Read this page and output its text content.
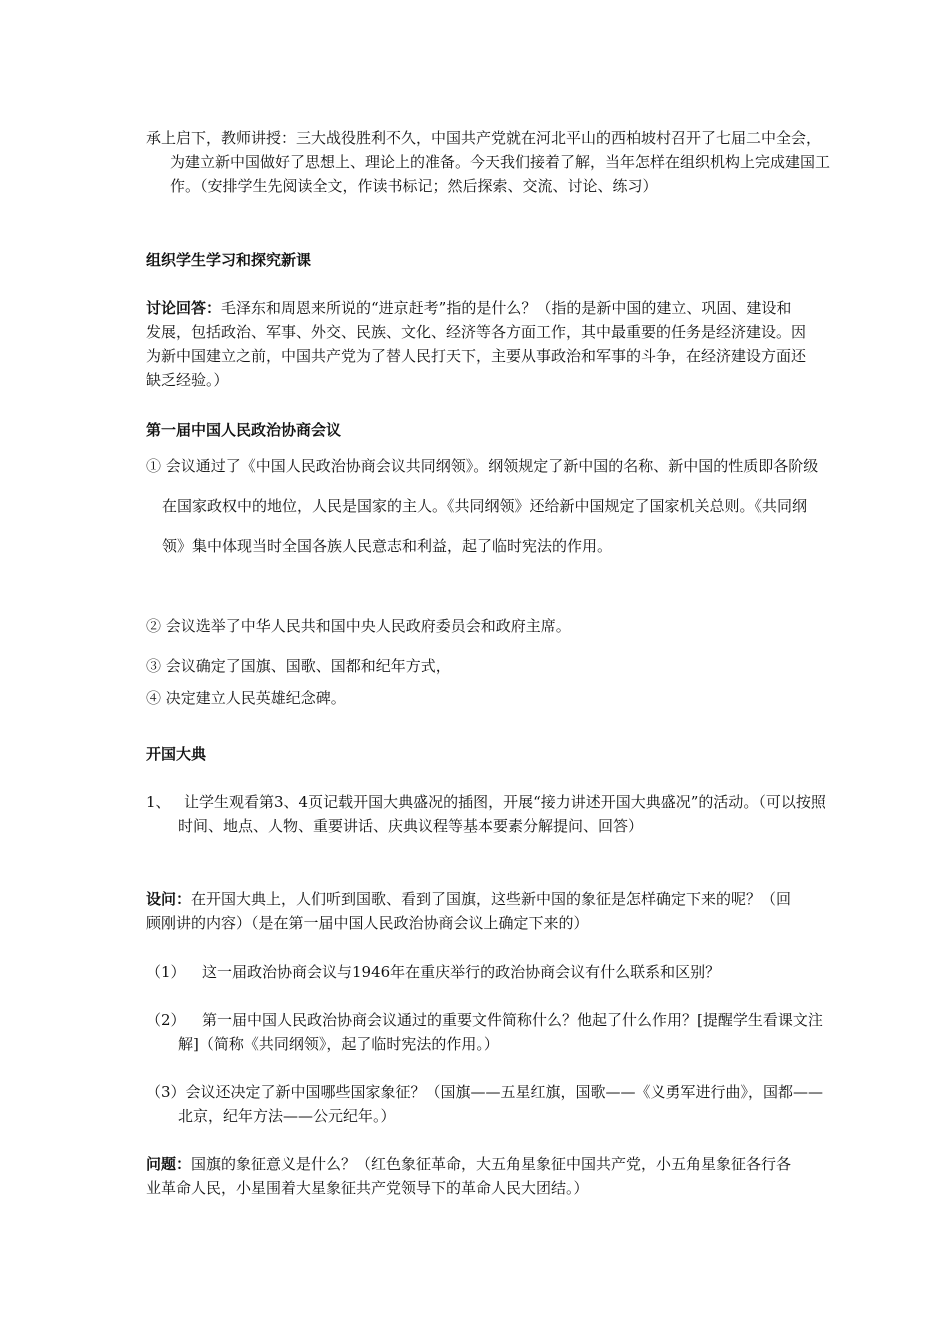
承上启下，教师讲授：三大战役胜利不久，中国共产党就在河北平山的西柏坡村召开了七届二中全会，为建立新中国做好了思想上、理论上的准备。今天我们接着了解，当年怎样在组织机构上完成建国工作。（安排学生先阅读全文，作读书标记；然后探索、交流、讨论、练习）
组织学生学习和探究新课
讨论回答：毛泽东和周恩来所说的“进京赶考”指的是什么？（指的是新中国的建立、巩固、建设和发展，包括政治、军事、外交、民族、文化、经济等各方面工作，其中最重要的任务是经济建设。因为新中国建立之前，中国共产党为了替人民打天下，主要从事政治和军事的斗争，在经济建设方面还缺乏经验。）
第一届中国人民政治协商会议
① 会议通过了《中国人民政治协商会议共同纲领》。纲领规定了新中国的名称、新中国的性质即各阶级在国家政权中的地位，人民是国家的主人。《共同纲领》还给新中国规定了国家机关总则。《共同纲领》集中体现当时全国各族人民意志和利益，起了临时宪法的作用。
② 会议选举了中华人民共和国中央人民政府委员会和政府主席。
③ 会议确定了国旗、国歌、国都和纪年方式，
④ 决定建立人民英雄纪念碑。
开国大典
1、 让学生观看第3、4页记载开国大典盛况的插图，开展“接力讲述开国大典盛况”的活动。（可以按照时间、地点、人物、重要讲话、庆典议程等基本要素分解提问、回答）
设问：在开国大典上，人们听到国歌、看到了国旗，这些新中国的象征是怎样确定下来的呢？（回顾刚讲的内容）（是在第一届中国人民政治协商会议上确定下来的）
（1） 这一届政治协商会议与1946年在重庆举行的政治协商会议有什么联系和区别？
（2） 第一届中国人民政治协商会议通过的重要文件简称什么？他起了什么作用？[提醒学生看课文注解]（简称《共同纲领》，起了临时宪法的作用。）
（3）会议还决定了新中国哪些国家象征？（国旗——五星红旗，国歌——《义勇军进行曲》，国都——北京，纪年方法——公元纪年。）
问题：国旗的象征意义是什么？（红色象征革命，大五角星象征中国共产党，小五角星象征各行各业革命人民，小星围着大星象征共产党领导下的革命人民大团结。）
